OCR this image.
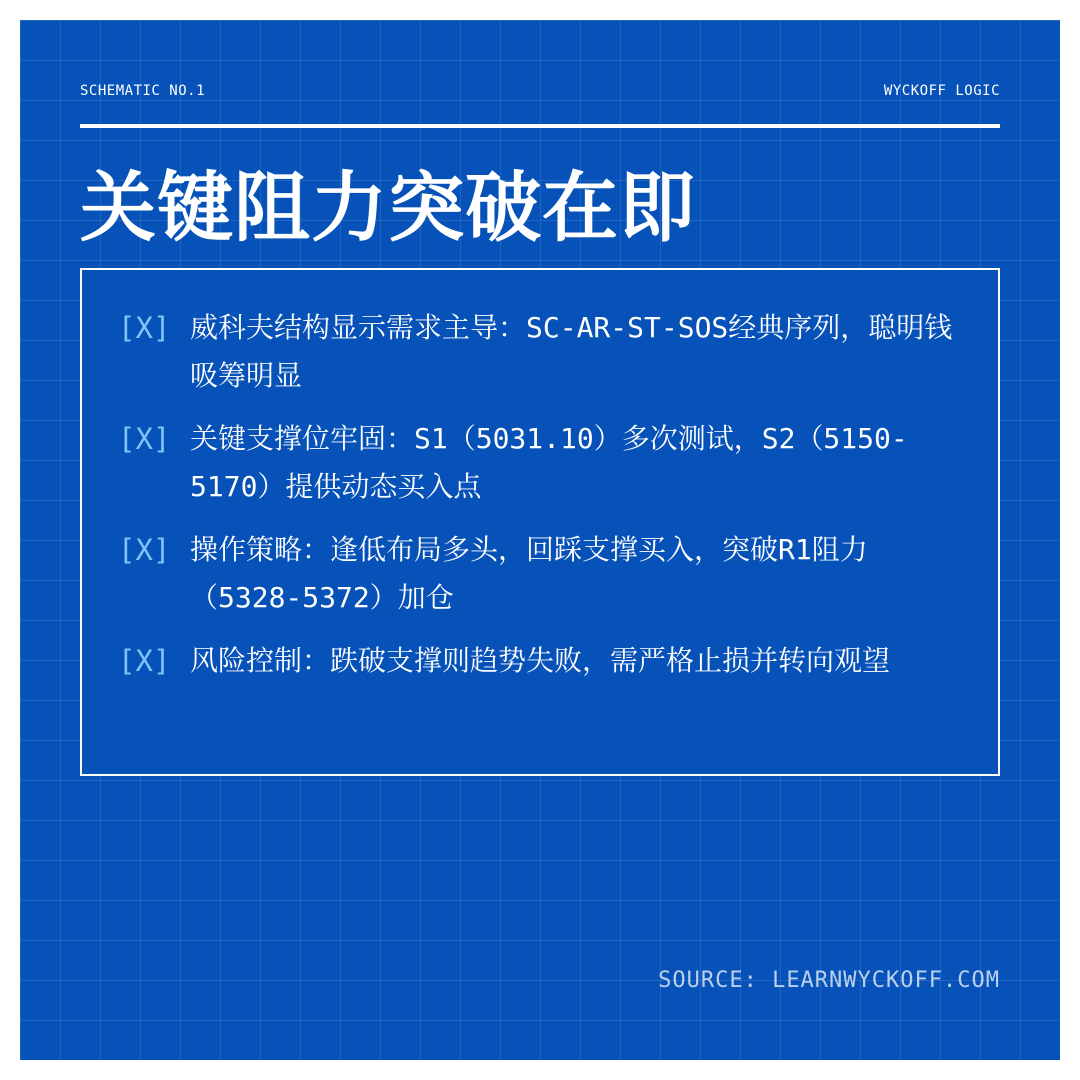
SCHEMATIC NO.1	WYCKOFF LOGIC
关键阻力突破在即
[X] 威科夫结构显示需求主导：SC-AR-ST-SOS经典序列，聪明钱吸筹明显
[X] 关键支撑位牢固：S1（5031.10）多次测试，S2（5150-5170）提供动态买入点
[X] 操作策略：逢低布局多头，回踩支撑买入，突破R1阻力（5328-5372）加仓
[X] 风险控制：跌破支撑则趋势失败，需严格止损并转向观望
SOURCE: LEARNWYCKOFF.COM
